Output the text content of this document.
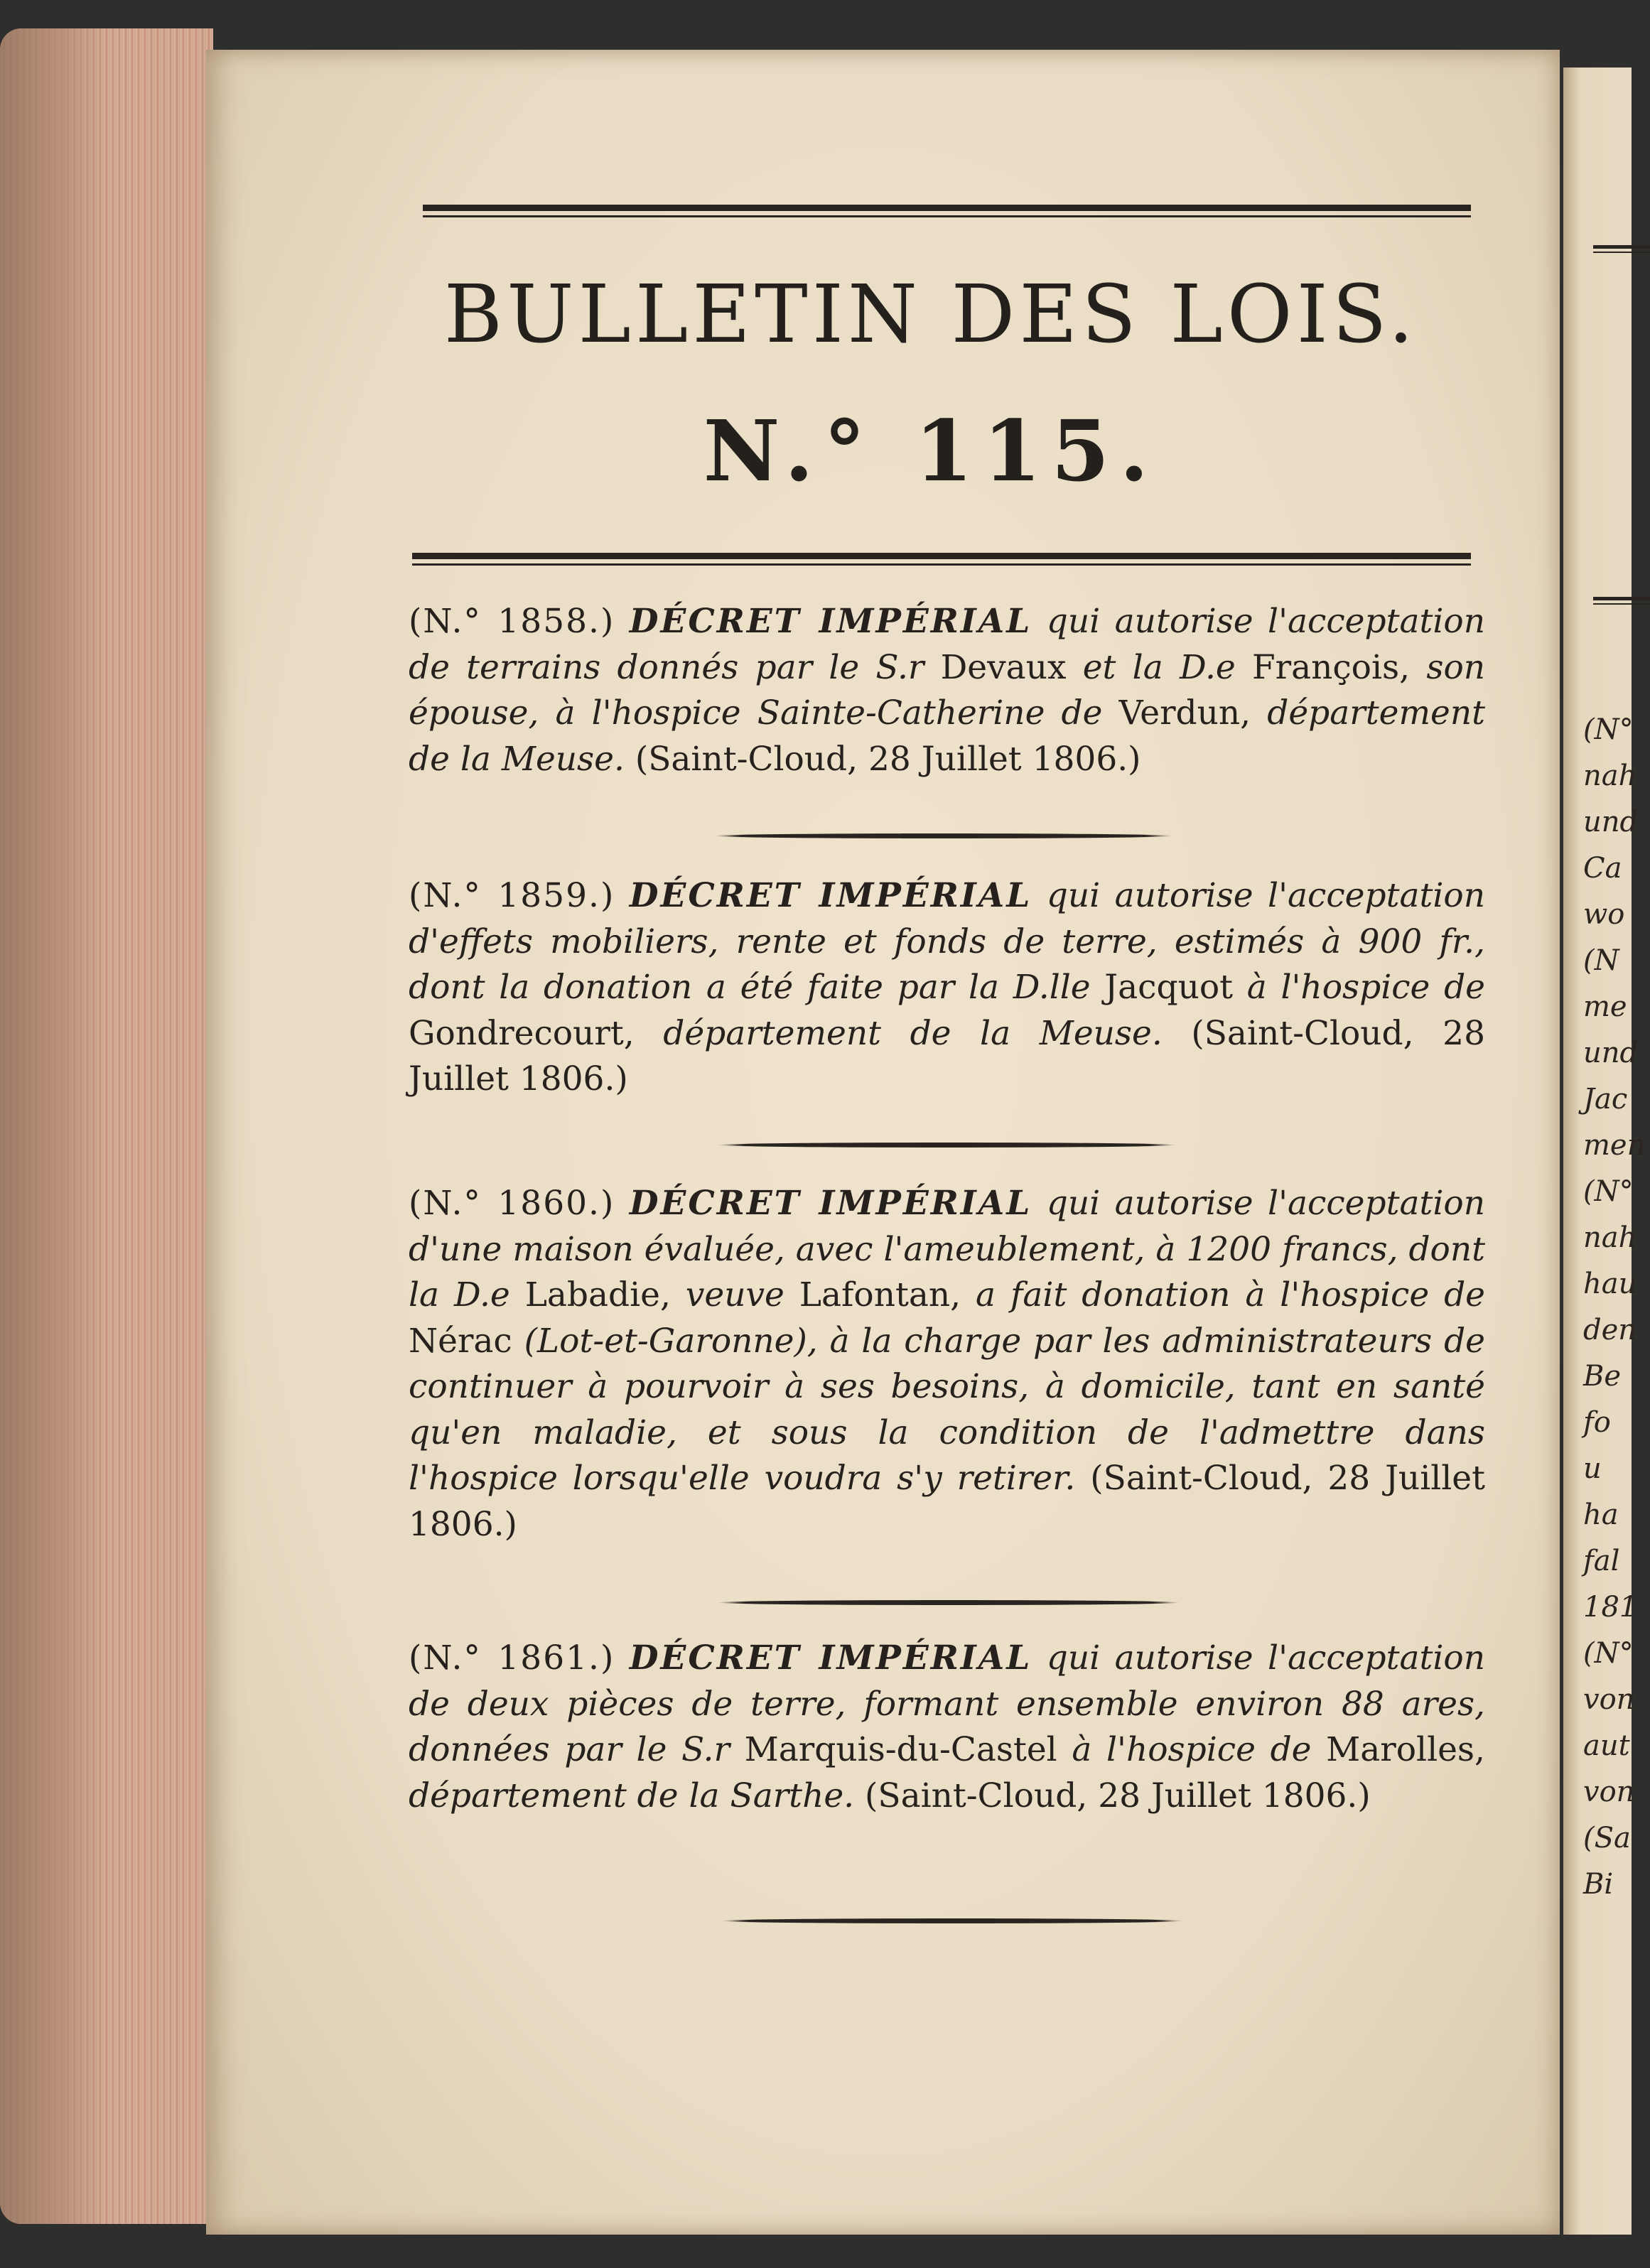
(N°
nah
und
Ca
wo
(N
me
und
Jac
men
(N°
nah
hau
den
Be
fo
u
ha
fal
181
(N°
von
aut
von
(Sa
Bi
BULLETIN DES LOIS.
N.° 115.

(N.° 1858.) DÉCRET IMPÉRIAL qui autorise l'acceptation de terrains donnés par le S.r Devaux et la D.e François, son épouse, à l'hospice Sainte-Catherine de Verdun, département de la Meuse. (Saint-Cloud, 28 Juillet 1806.)

(N.° 1859.) DÉCRET IMPÉRIAL qui autorise l'acceptation d'effets mobiliers, rente et fonds de terre, estimés à 900 fr., dont la donation a été faite par la D.lle Jacquot à l'hospice de Gondrecourt, département de la Meuse. (Saint-Cloud, 28 Juillet 1806.)

(N.° 1860.) DÉCRET IMPÉRIAL qui autorise l'acceptation d'une maison évaluée, avec l'ameublement, à 1200 francs, dont la D.e Labadie, veuve Lafontan, a fait donation à l'hospice de Nérac (Lot-et-Garonne), à la charge par les administrateurs de continuer à pourvoir à ses besoins, à domicile, tant en santé qu'en maladie, et sous la condition de l'admettre dans l'hospice lorsqu'elle voudra s'y retirer. (Saint-Cloud, 28 Juillet 1806.)

(N.° 1861.) DÉCRET IMPÉRIAL qui autorise l'acceptation de deux pièces de terre, formant ensemble environ 88 ares, données par le S.r Marquis-du-Castel à l'hospice de Marolles, département de la Sarthe. (Saint-Cloud, 28 Juillet 1806.)
